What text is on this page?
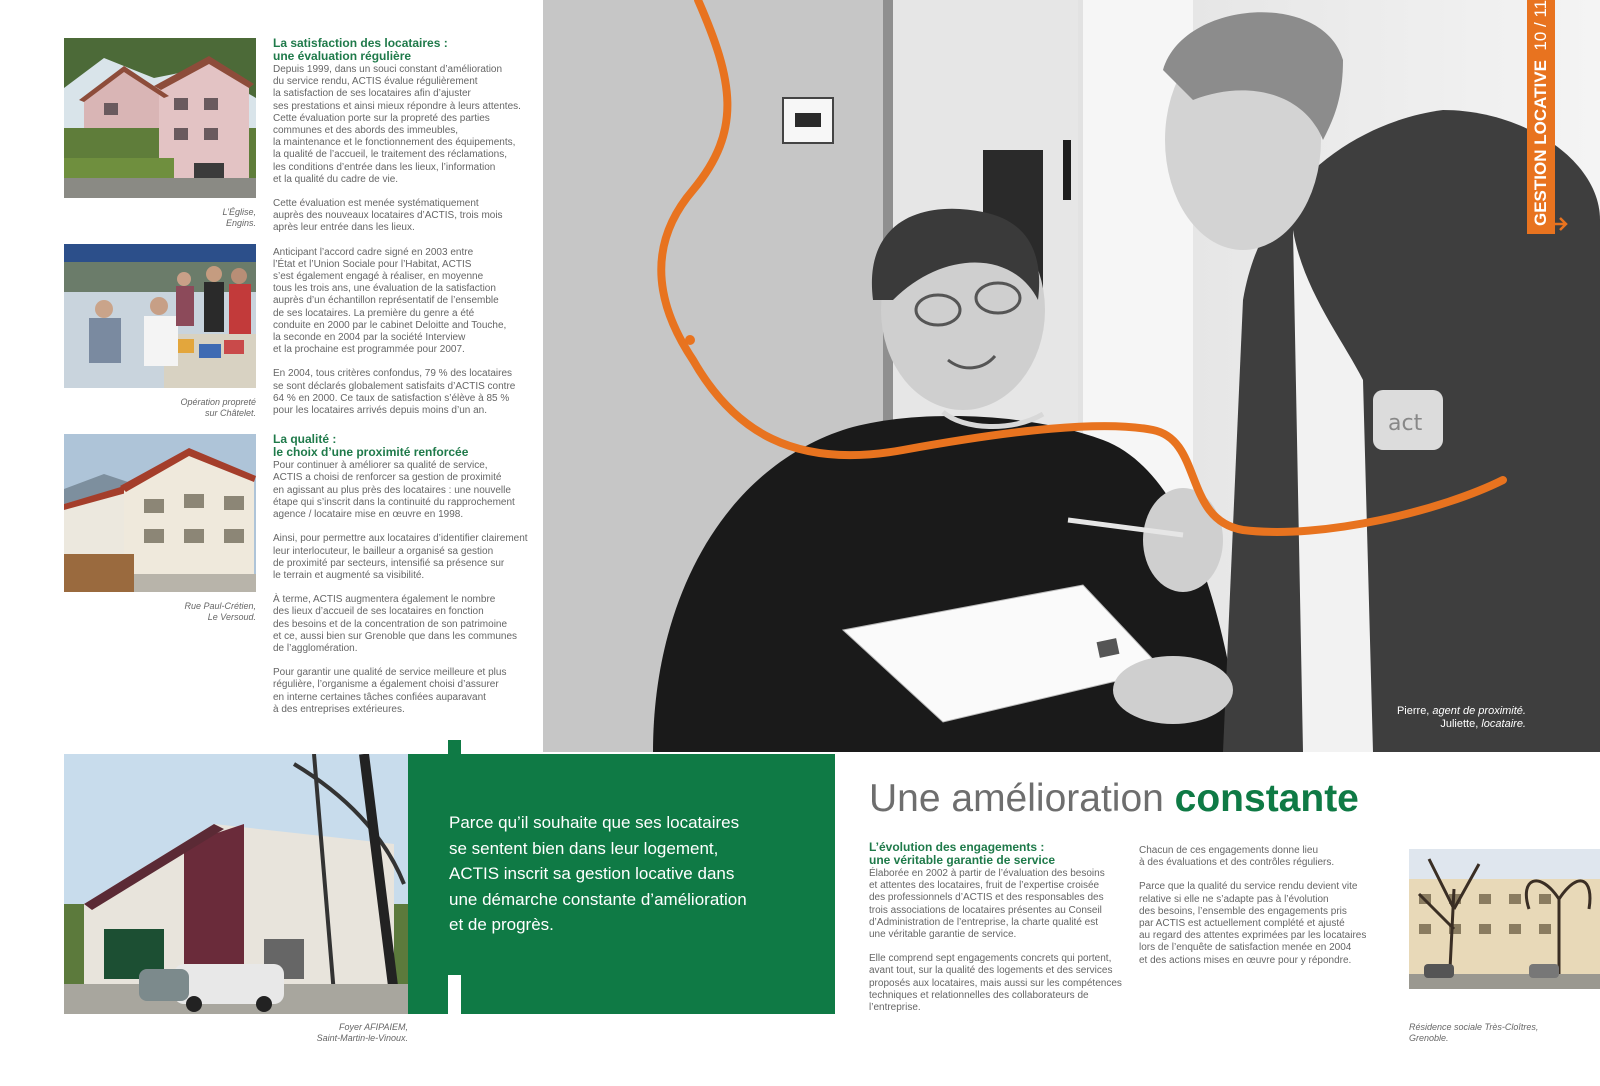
L’Église,
Engins.
Opération propreté
sur Châtelet.
Rue Paul-Crétien,
Le Versoud.
La satisfaction des locataires :
une évaluation régulière

Depuis 1999, dans un souci constant d’amélioration
du service rendu, ACTIS évalue régulièrement
la satisfaction de ses locataires afin d’ajuster
ses prestations et ainsi mieux répondre à leurs attentes.
Cette évaluation porte sur la propreté des parties
communes et des abords des immeubles,
la maintenance et le fonctionnement des équipements,
la qualité de l’accueil, le traitement des réclamations,
les conditions d’entrée dans les lieux, l’information
et la qualité du cadre de vie.

Cette évaluation est menée systématiquement
auprès des nouveaux locataires d’ACTIS, trois mois
après leur entrée dans les lieux.

Anticipant l’accord cadre signé en 2003 entre
l’État et l’Union Sociale pour l’Habitat, ACTIS
s’est également engagé à réaliser, en moyenne
tous les trois ans, une évaluation de la satisfaction
auprès d’un échantillon représentatif de l’ensemble
de ses locataires. La première du genre a été
conduite en 2000 par le cabinet Deloitte and Touche,
la seconde en 2004 par la société Interview
et la prochaine est programmée pour 2007.

En 2004, tous critères confondus, 79 % des locataires
se sont déclarés globalement satisfaits d’ACTIS contre
64 % en 2000. Ce taux de satisfaction s’élève à 85 %
pour les locataires arrivés depuis moins d’un an.

La qualité :
le choix d’une proximité renforcée

Pour continuer à améliorer sa qualité de service,
ACTIS a choisi de renforcer sa gestion de proximité
en agissant au plus près des locataires : une nouvelle
étape qui s’inscrit dans la continuité du rapprochement
agence / locataire mise en œuvre en 1998.

Ainsi, pour permettre aux locataires d’identifier clairement
leur interlocuteur, le bailleur a organisé sa gestion
de proximité par secteurs, intensifié sa présence sur
le terrain et augmenté sa visibilité.

À terme, ACTIS augmentera également le nombre
des lieux d’accueil de ses locataires en fonction
des besoins et de la concentration de son patrimoine
et ce, aussi bien sur Grenoble que dans les communes
de l’agglomération.

Pour garantir une qualité de service meilleure et plus
régulière, l’organisme a également choisi d’assurer
en interne certaines tâches confiées auparavant
à des entreprises extérieures.

act
Pierre, agent de proximité.
Juliette, locataire.
GESTION LOCATIVE  10 / 11
Foyer AFIPAIEM,
Saint-Martin-le-Vinoux.
Parce qu’il souhaite que ses locataires
se sentent bien dans leur logement,
ACTIS inscrit sa gestion locative dans
une démarche constante d’amélioration
et de progrès.
Une amélioration constante
L’évolution des engagements :
une véritable garantie de service

Élaborée en 2002 à partir de l’évaluation des besoins
et attentes des locataires, fruit de l’expertise croisée
des professionnels d’ACTIS et des responsables des
trois associations de locataires présentes au Conseil
d’Administration de l’entreprise, la charte qualité est
une véritable garantie de service.

Elle comprend sept engagements concrets qui portent,
avant tout, sur la qualité des logements et des services
proposés aux locataires, mais aussi sur les compétences
techniques et relationnelles des collaborateurs de
l’entreprise.

Chacun de ces engagements donne lieu
à des évaluations et des contrôles réguliers.

Parce que la qualité du service rendu devient vite
relative si elle ne s’adapte pas à l’évolution
des besoins, l’ensemble des engagements pris
par ACTIS est actuellement complété et ajusté
au regard des attentes exprimées par les locataires
lors de l’enquête de satisfaction menée en 2004
et des actions mises en œuvre pour y répondre.

Résidence sociale Très-Cloîtres,
Grenoble.
